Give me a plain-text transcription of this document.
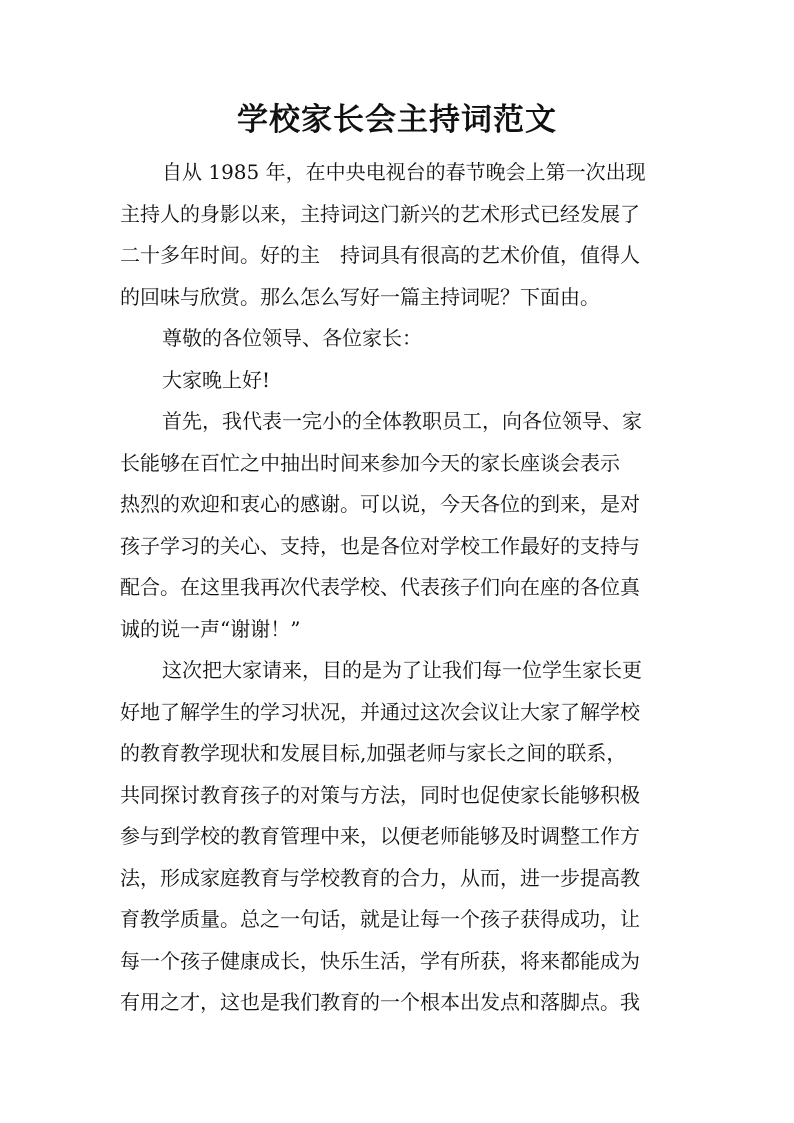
学校家长会主持词范文
自从 1985 年，在中央电视台的春节晚会上第一次出现
主持人的身影以来，主持词这门新兴的艺术形式已经发展了
二十多年时间。好的主　持词具有很高的艺术价值，值得人
的回味与欣赏。那么怎么写好一篇主持词呢？下面由。
尊敬的各位领导、各位家长：
大家晚上好!
首先，我代表一完小的全体教职员工，向各位领导、家
长能够在百忙之中抽出时间来参加今天的家长座谈会表示
热烈的欢迎和衷心的感谢。可以说，今天各位的到来，是对
孩子学习的关心、支持，也是各位对学校工作最好的支持与
配合。在这里我再次代表学校、代表孩子们向在座的各位真
诚的说一声“谢谢！”
这次把大家请来，目的是为了让我们每一位学生家长更
好地了解学生的学习状况，并通过这次会议让大家了解学校
的教育教学现状和发展目标,加强老师与家长之间的联系，
共同探讨教育孩子的对策与方法，同时也促使家长能够积极
参与到学校的教育管理中来，以便老师能够及时调整工作方
法，形成家庭教育与学校教育的合力，从而，进一步提高教
育教学质量。总之一句话，就是让每一个孩子获得成功，让
每一个孩子健康成长，快乐生活，学有所获，将来都能成为
有用之才，这也是我们教育的一个根本出发点和落脚点。我
